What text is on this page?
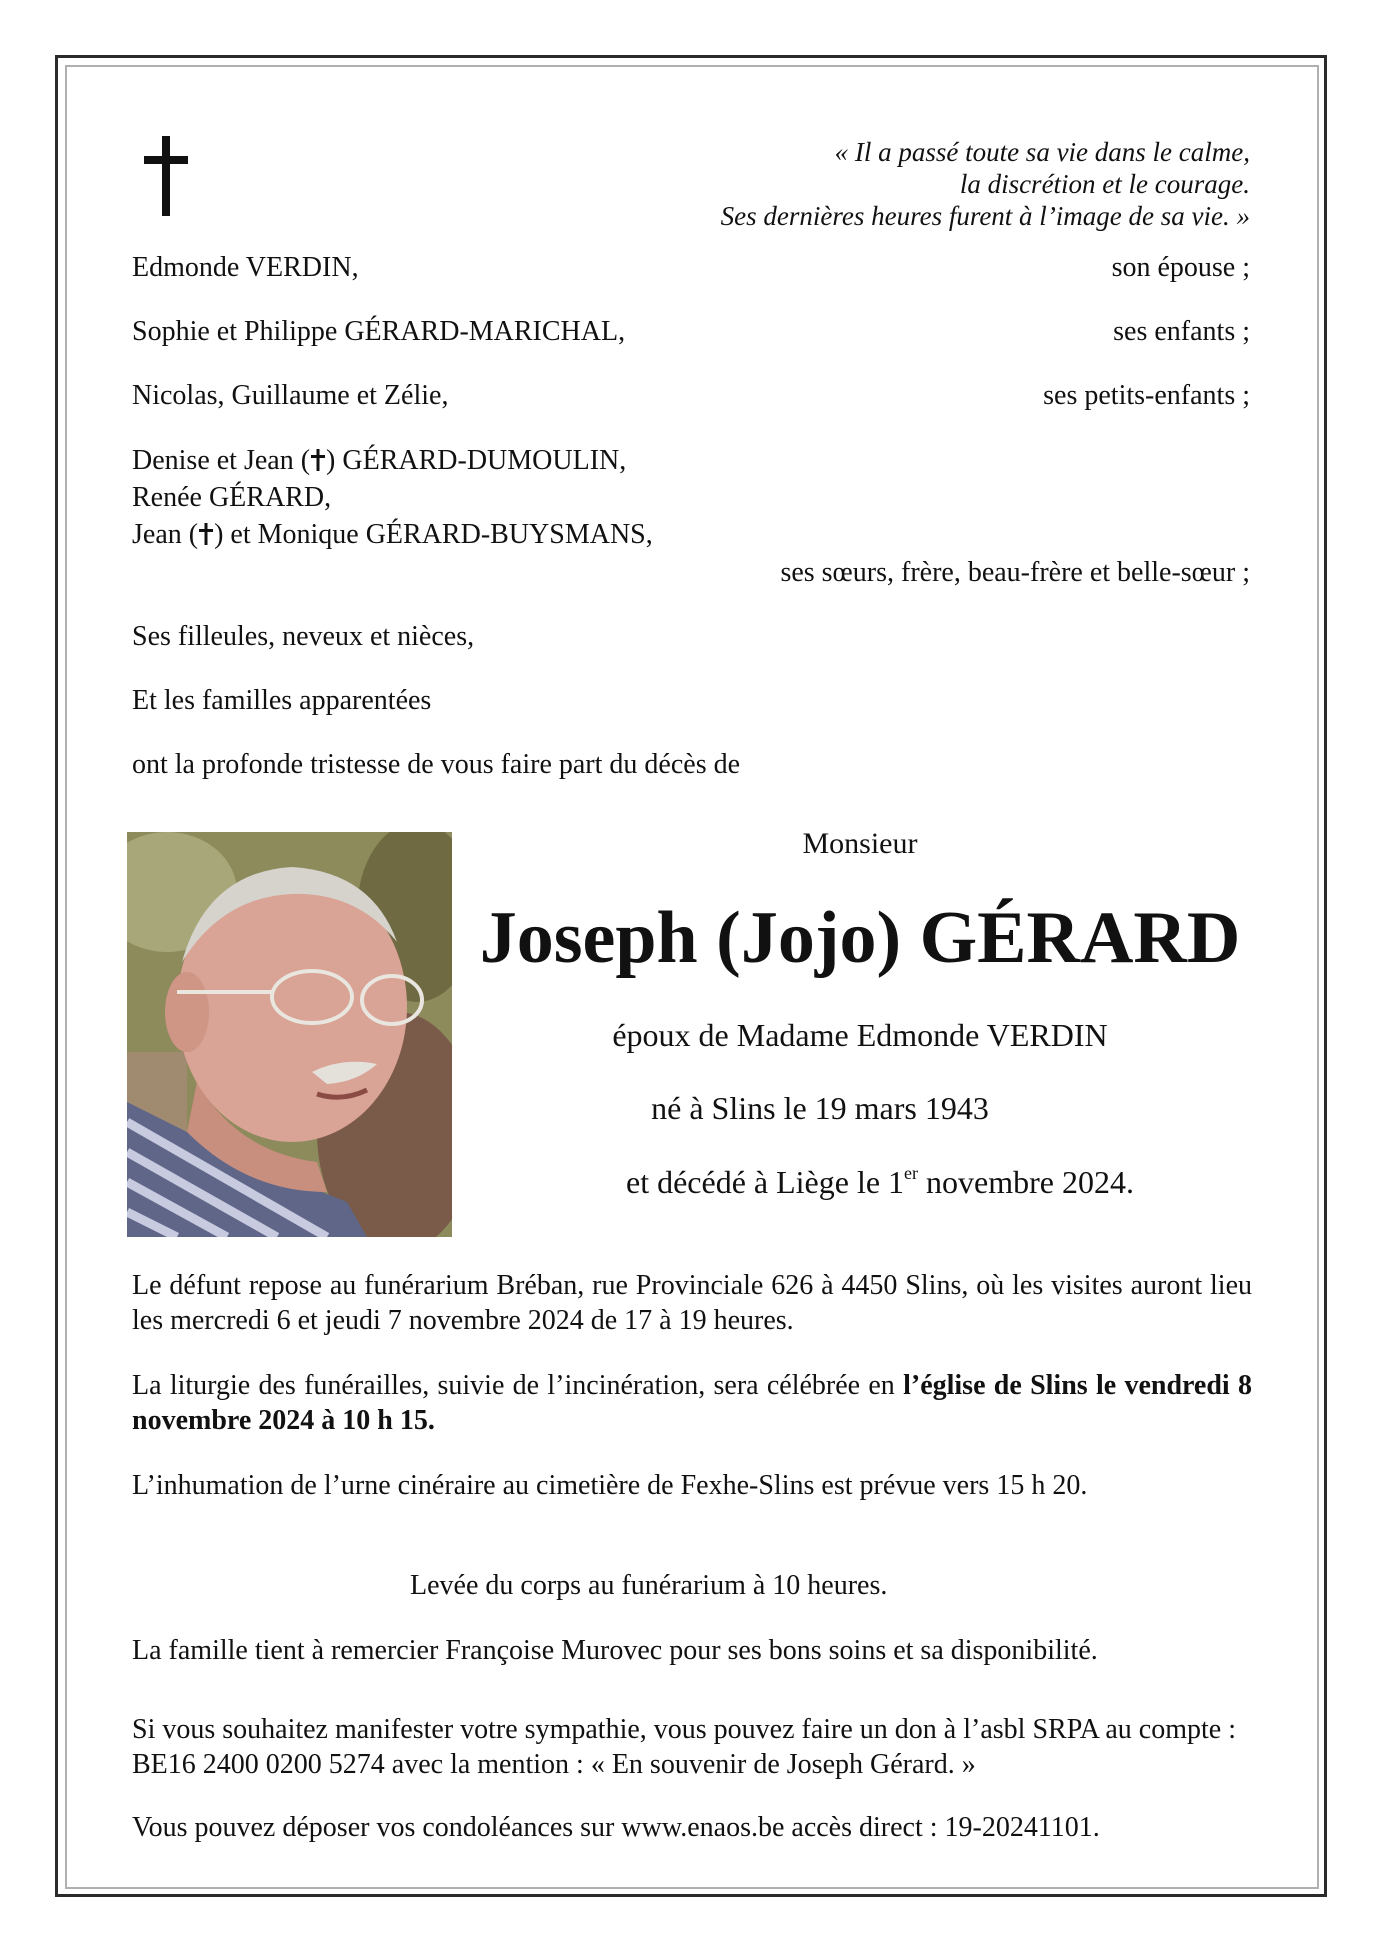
« Il a passé toute sa vie dans le calme,
la discrétion et le courage.
Ses dernières heures furent à l’image de sa vie. »
Edmonde VERDIN,	son épouse ;
Sophie et Philippe GÉRARD-MARICHAL,	ses enfants ;
Nicolas, Guillaume et Zélie,	ses petits-enfants ;
Denise et Jean ( ) GÉRARD-DUMOULIN,
Renée GÉRARD,
Jean ( ) et Monique GÉRARD-BUYSMANS,
ses sœurs, frère, beau-frère et belle-sœur ;
Ses filleules, neveux et nièces,
Et les familles apparentées
ont la profonde tristesse de vous faire part du décès de
Monsieur
Joseph (Jojo) GÉRARD
époux de Madame Edmonde VERDIN
né à Slins le 19 mars 1943
et décédé à Liège le 1er novembre 2024.
Le défunt repose au funérarium Bréban, rue Provinciale 626 à 4450 Slins, où les visites auront lieu les mercredi 6 et jeudi 7 novembre 2024 de 17 à 19 heures.
La liturgie des funérailles, suivie de l’incinération, sera célébrée en l’église de Slins le vendredi 8 novembre 2024 à 10 h 15.
L’inhumation de l’urne cinéraire au cimetière de Fexhe-Slins est prévue vers 15 h 20.
Levée du corps au funérarium à 10 heures.
La famille tient à remercier Françoise Murovec pour ses bons soins et sa disponibilité.
Si vous souhaitez manifester votre sympathie, vous pouvez faire un don à l’asbl SRPA au compte : BE16 2400 0200 5274 avec la mention : « En souvenir de Joseph Gérard. »
Vous pouvez déposer vos condoléances sur www.enaos.be accès direct : 19-20241101.
